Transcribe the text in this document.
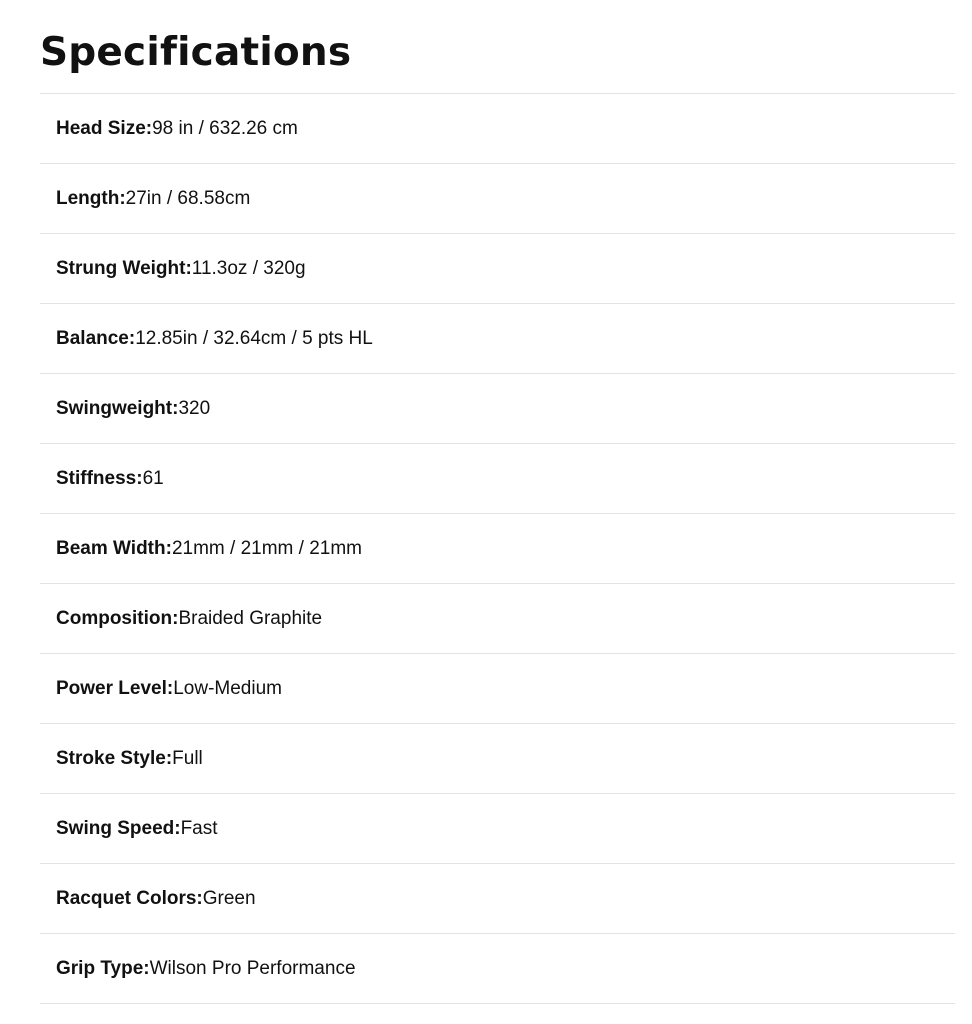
Specifications
Head Size: 98 in / 632.26 cm
Length: 27in / 68.58cm
Strung Weight: 11.3oz / 320g
Balance: 12.85in / 32.64cm / 5 pts HL
Swingweight: 320
Stiffness: 61
Beam Width: 21mm / 21mm / 21mm
Composition: Braided Graphite
Power Level: Low-Medium
Stroke Style: Full
Swing Speed: Fast
Racquet Colors: Green
Grip Type: Wilson Pro Performance
